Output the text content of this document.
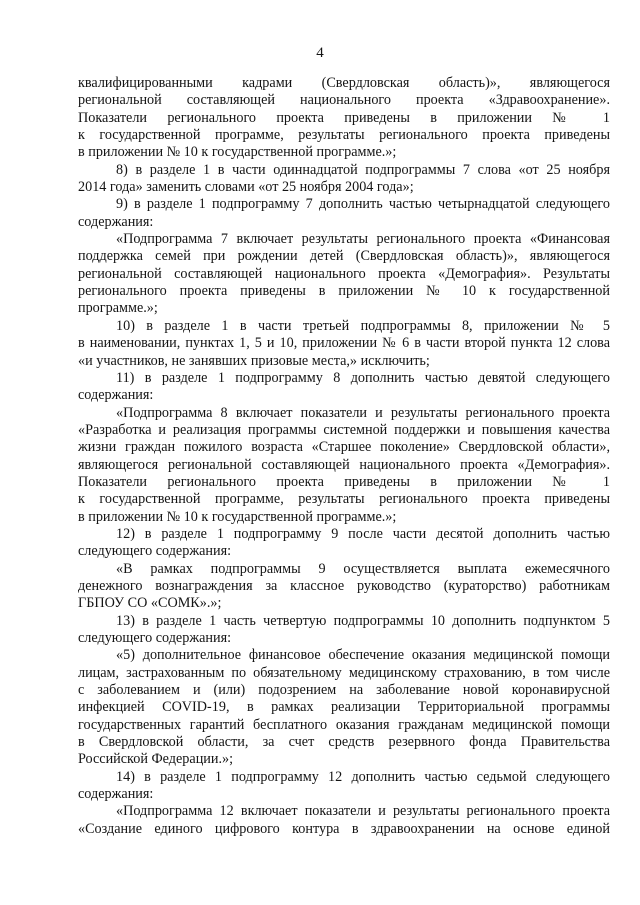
4
квалифицированными кадрами (Свердловская область)», являющегося
региональной составляющей национального проекта «Здравоохранение».
Показатели регионального проекта приведены в приложении № 1
к государственной программе, результаты регионального проекта приведены
в приложении № 10 к государственной программе.»;
8) в разделе 1 в части одиннадцатой подпрограммы 7 слова «от 25 ноября
2014 года» заменить словами «от 25 ноября 2004 года»;
9) в разделе 1 подпрограмму 7 дополнить частью четырнадцатой следующего
содержания:
«Подпрограмма 7 включает результаты регионального проекта «Финансовая
поддержка семей при рождении детей (Свердловская область)», являющегося
региональной составляющей национального проекта «Демография». Результаты
регионального проекта приведены в приложении № 10 к государственной
программе.»;
10) в разделе 1 в части третьей подпрограммы 8, приложении № 5
в наименовании, пунктах 1, 5 и 10, приложении № 6 в части второй пункта 12 слова
«и участников, не занявших призовые места,» исключить;
11) в разделе 1 подпрограмму 8 дополнить частью девятой следующего
содержания:
«Подпрограмма 8 включает показатели и результаты регионального проекта
«Разработка и реализация программы системной поддержки и повышения качества
жизни граждан пожилого возраста «Старшее поколение» Свердловской области»,
являющегося региональной составляющей национального проекта «Демография».
Показатели регионального проекта приведены в приложении № 1
к государственной программе, результаты регионального проекта приведены
в приложении № 10 к государственной программе.»;
12) в разделе 1 подпрограмму 9 после части десятой дополнить частью
следующего содержания:
«В рамках подпрограммы 9 осуществляется выплата ежемесячного
денежного вознаграждения за классное руководство (кураторство) работникам
ГБПОУ СО «СОМК».»;
13) в разделе 1 часть четвертую подпрограммы 10 дополнить подпунктом 5
следующего содержания:
«5) дополнительное финансовое обеспечение оказания медицинской помощи
лицам, застрахованным по обязательному медицинскому страхованию, в том числе
с заболеванием и (или) подозрением на заболевание новой коронавирусной
инфекцией COVID-19, в рамках реализации Территориальной программы
государственных гарантий бесплатного оказания гражданам медицинской помощи
в Свердловской области, за счет средств резервного фонда Правительства
Российской Федерации.»;
14) в разделе 1 подпрограмму 12 дополнить частью седьмой следующего
содержания:
«Подпрограмма 12 включает показатели и результаты регионального проекта
«Создание единого цифрового контура в здравоохранении на основе единой
